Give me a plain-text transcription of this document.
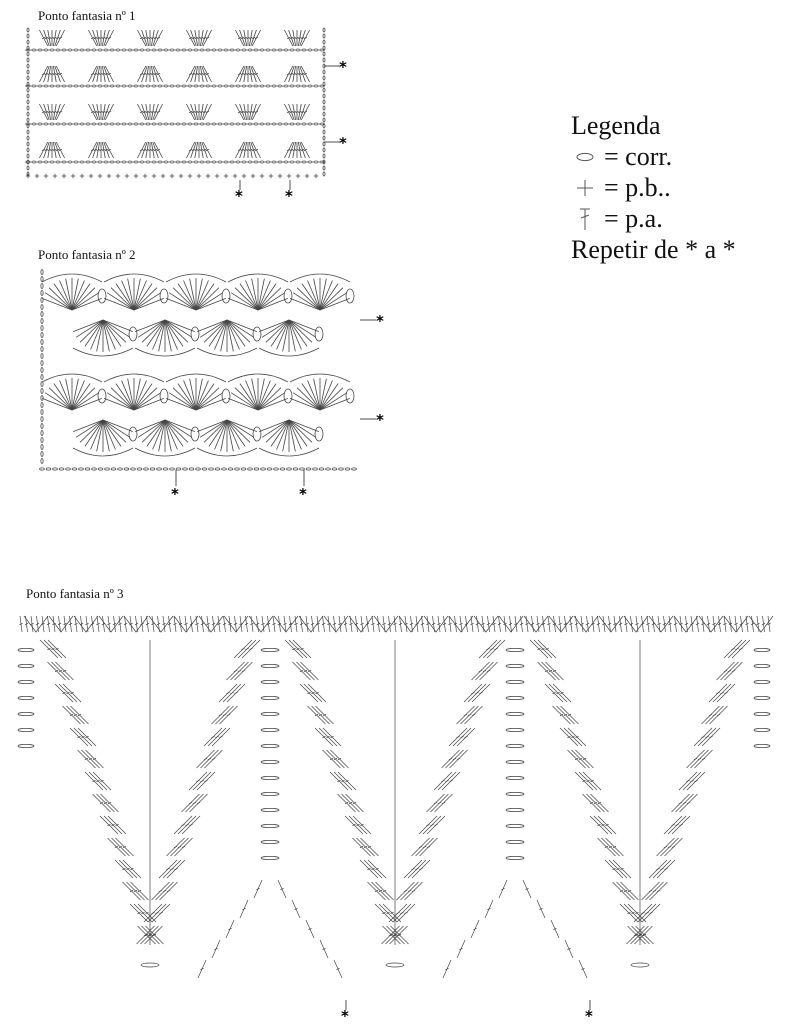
Ponto fantasia nº 1
Ponto fantasia nº 2
Ponto fantasia nº 3
*
*
*	*
*
*
*	*
*	*
Legenda
= corr.
= p.b..
= p.a.
Repetir de * a *
